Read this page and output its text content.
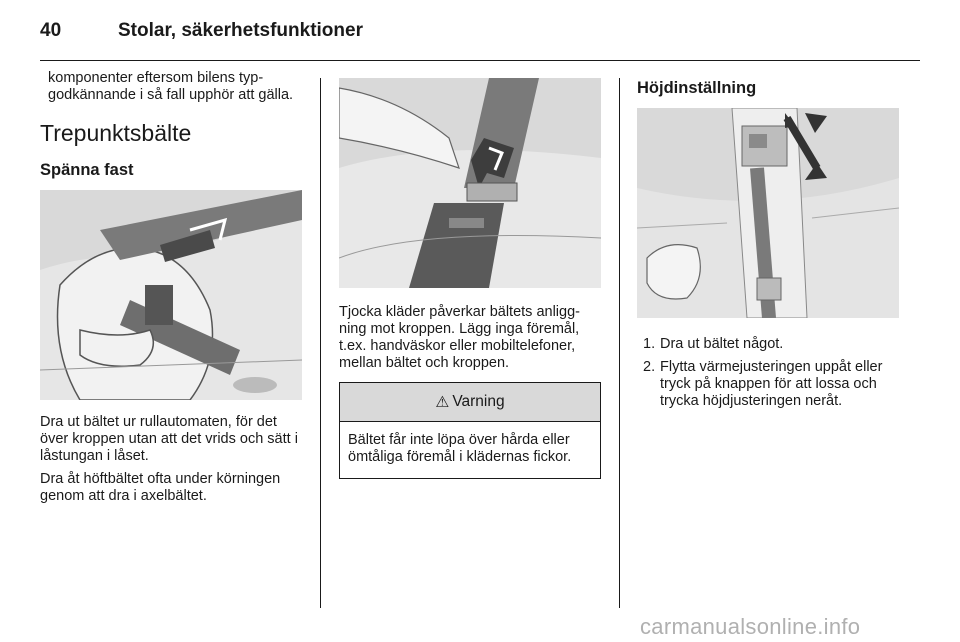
40	Stolar, säkerhetsfunktioner

komponenter eftersom bilens typgodkännande i så fall upphör att gälla.

Trepunktsbälte
Spänna fast

Dra ut bältet ur rullautomaten, för det över kroppen utan att det vrids och sätt i låstungan i låset.

Dra åt höftbältet ofta under körningen genom att dra i axelbältet.

Tjocka kläder påverkar bältets anliggning mot kroppen. Lägg inga föremål, t.ex. handväskor eller mobiltelefoner, mellan bältet och kroppen.

⚠ Varning
Bältet får inte löpa över hårda eller ömtåliga föremål i klädernas fickor.
Höjdinställning
1. Dra ut bältet något.
2. Flytta värmejusteringen uppåt eller tryck på knappen för att lossa och trycka höjdjusteringen neråt.
carmanualsonline.info
